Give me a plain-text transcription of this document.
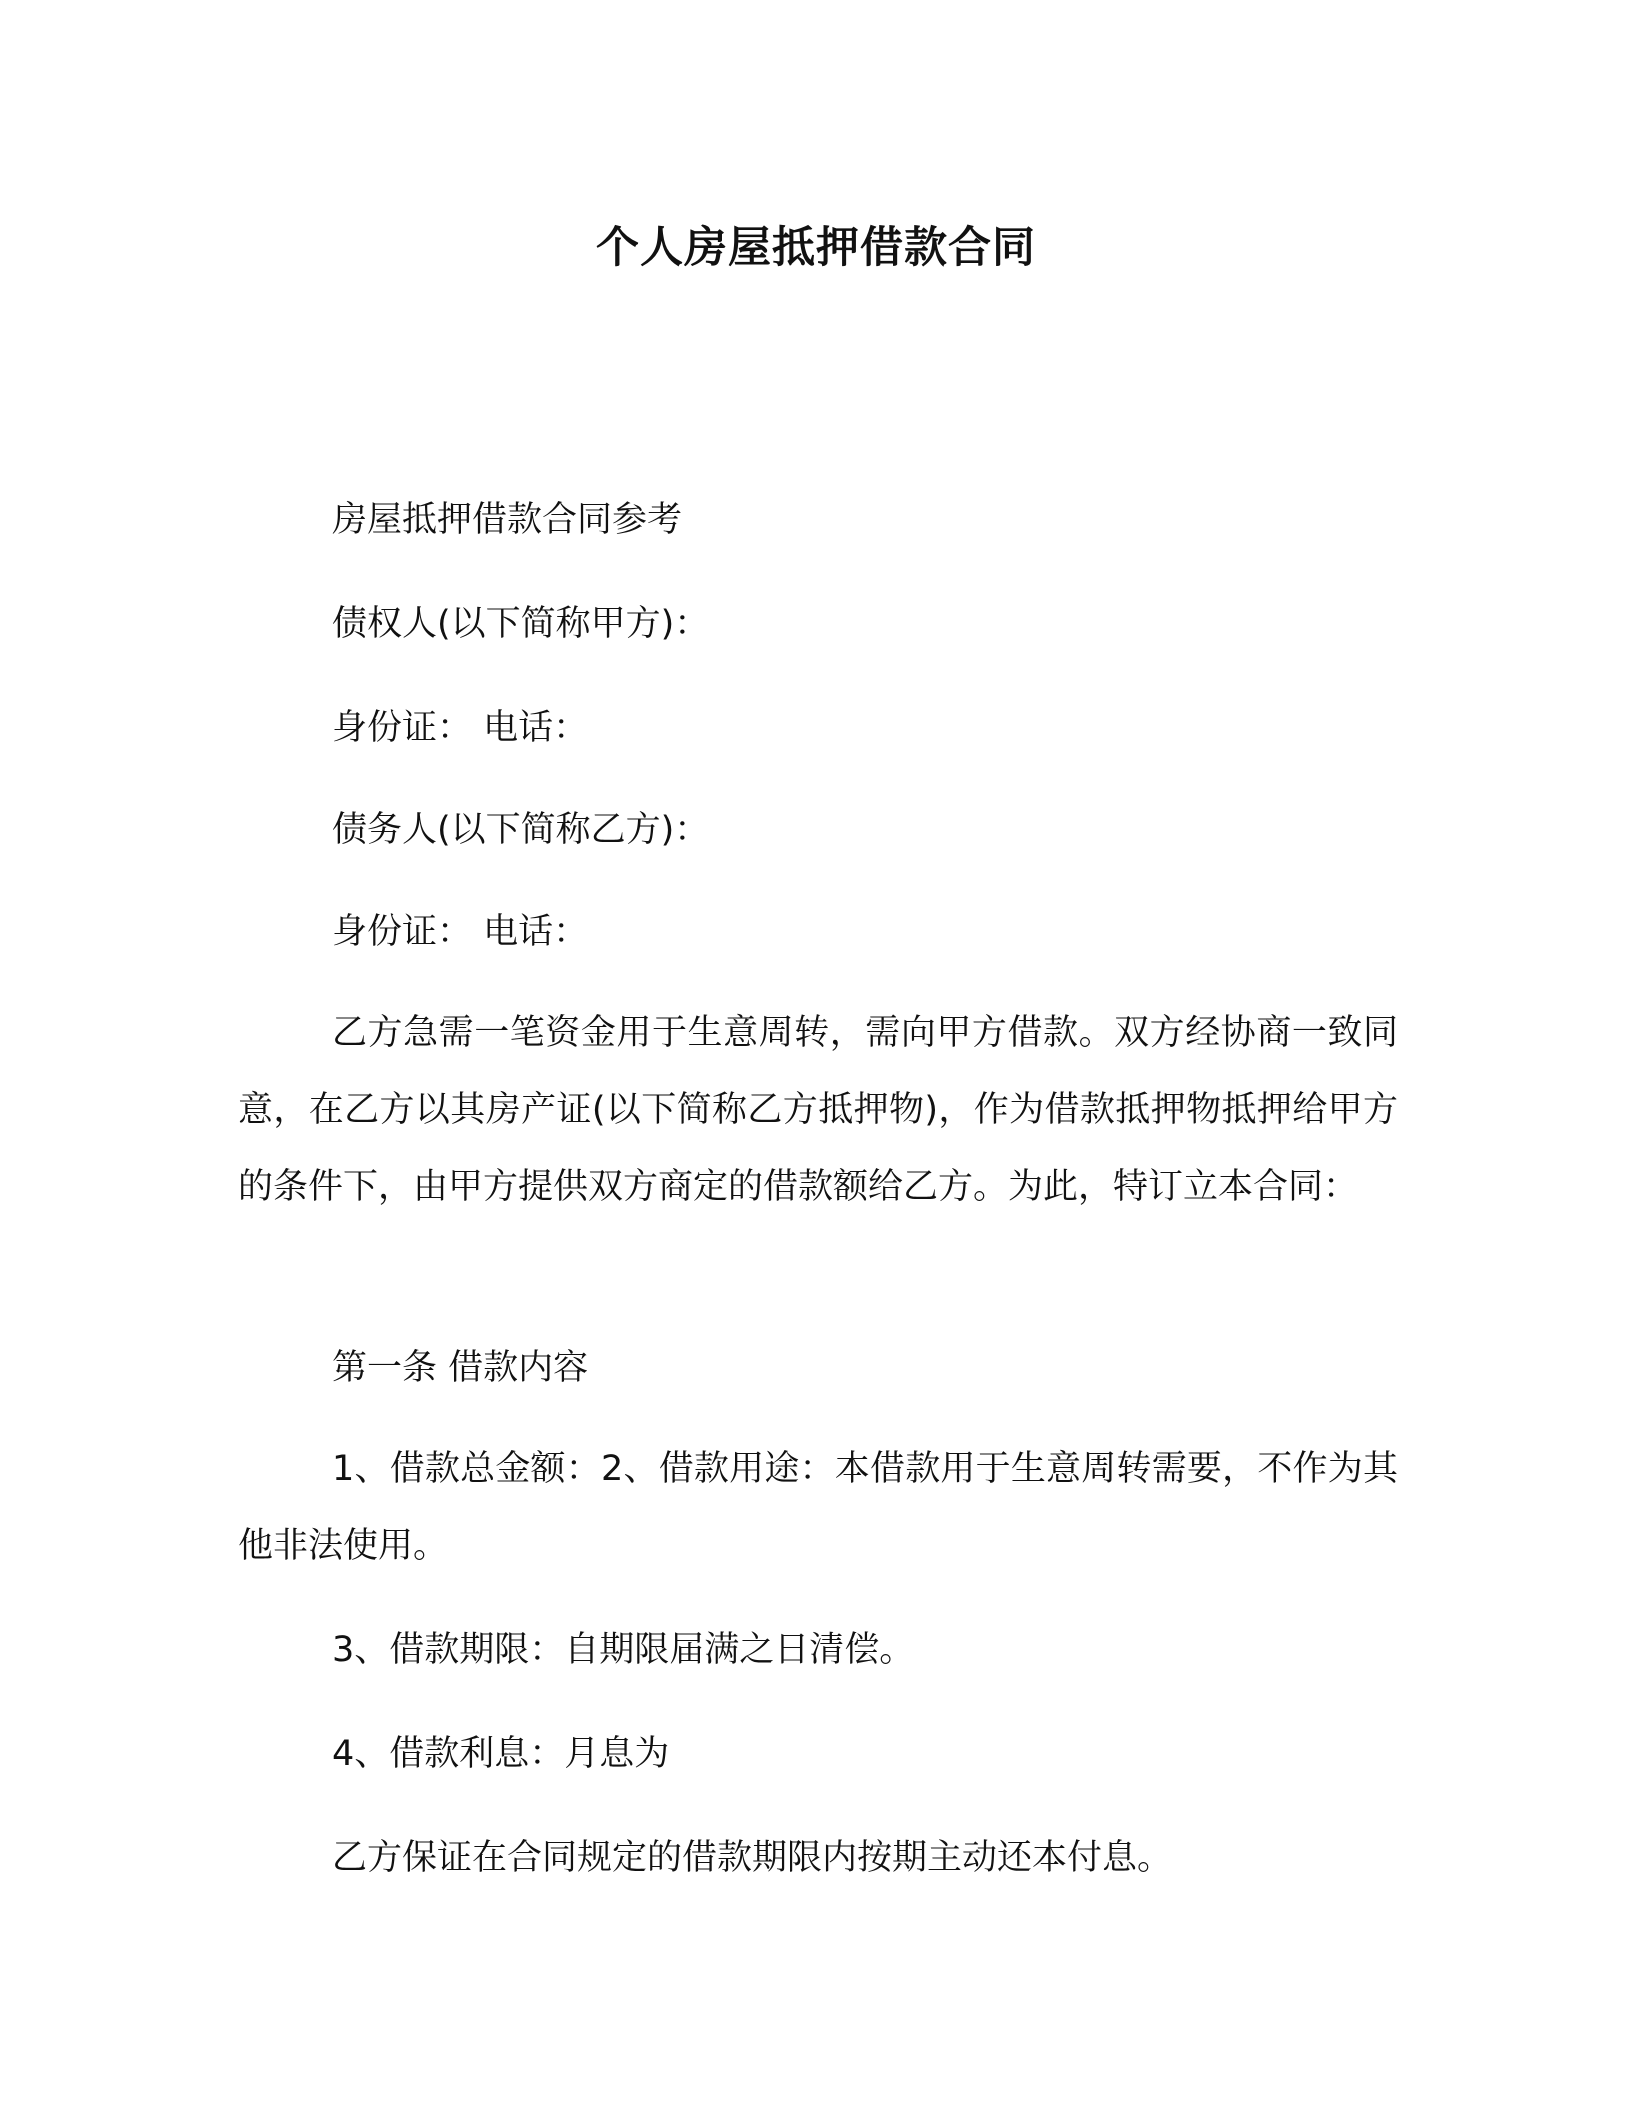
个人房屋抵押借款合同
房屋抵押借款合同参考
债权人(以下简称甲方)：
身份证： 电话：
债务人(以下简称乙方)：
身份证： 电话：
乙方急需一笔资金用于生意周转，需向甲方借款。双方经协商一致同意，在乙方以其房产证(以下简称乙方抵押物)，作为借款抵押物抵押给甲方的条件下，由甲方提供双方商定的借款额给乙方。为此，特订立本合同：
第一条 借款内容
1、借款总金额：2、借款用途：本借款用于生意周转需要，不作为其他非法使用。
3、借款期限：自期限届满之日清偿。
4、借款利息：月息为
乙方保证在合同规定的借款期限内按期主动还本付息。
